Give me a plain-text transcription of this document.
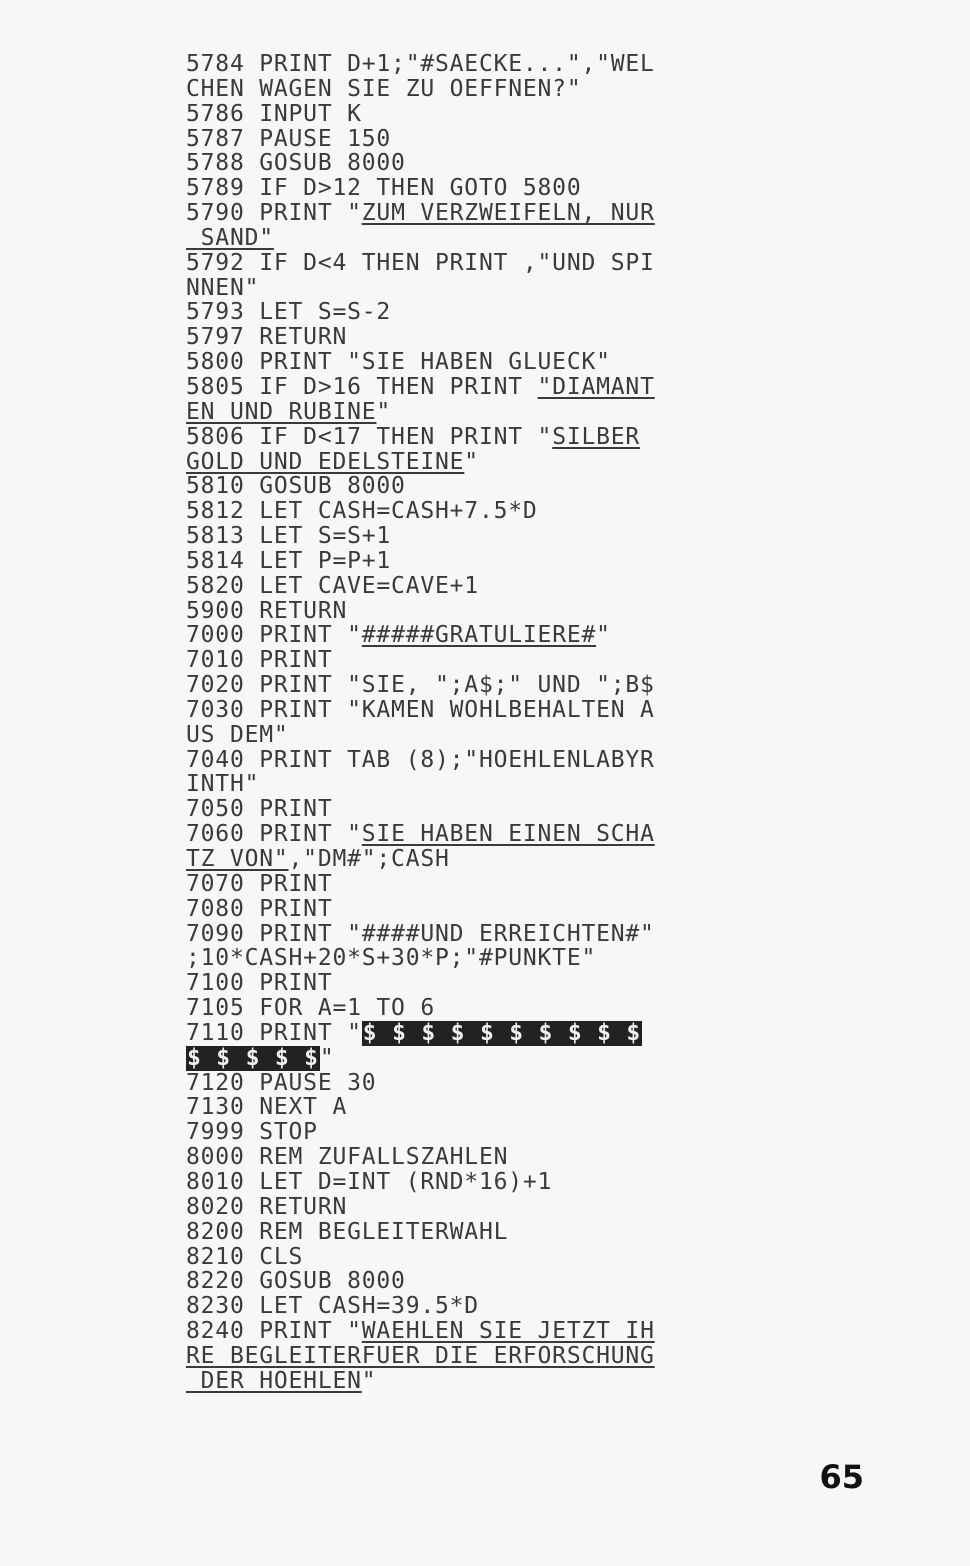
5784 PRINT D+1;"#SAECKE...","WEL
CHEN WAGEN SIE ZU OEFFNEN?"
5786 INPUT K
5787 PAUSE 150
5788 GOSUB 8000
5789 IF D>12 THEN GOTO 5800
5790 PRINT "ZUM VERZWEIFELN, NUR
SAND"
5792 IF D<4 THEN PRINT ,"UND SPI
NNEN"
5793 LET S=S-2
5797 RETURN
5800 PRINT "SIE HABEN GLUECK"
5805 IF D>16 THEN PRINT "DIAMANT
EN UND RUBINE"
5806 IF D<17 THEN PRINT "SILBER
GOLD UND EDELSTEINE"
5810 GOSUB 8000
5812 LET CASH=CASH+7.5*D
5813 LET S=S+1
5814 LET P=P+1
5820 LET CAVE=CAVE+1
5900 RETURN
7000 PRINT "#####GRATULIERE#"
7010 PRINT
7020 PRINT "SIE, ";A$;" UND ";B$
7030 PRINT "KAMEN WOHLBEHALTEN A
US DEM"
7040 PRINT TAB (8);"HOEHLENLABYR
INTH"
7050 PRINT
7060 PRINT "SIE HABEN EINEN SCHA
TZ VON","DM#";CASH
7070 PRINT
7080 PRINT
7090 PRINT "####UND ERREICHTEN#"
;10*CASH+20*S+30*P;"#PUNKTE"
7100 PRINT
7105 FOR A=1 TO 6
7110 PRINT "$ $ $ $ $ $ $ $ $ $
$ $ $ $ $"
7120 PAUSE 30
7130 NEXT A
7999 STOP
8000 REM ZUFALLSZAHLEN
8010 LET D=INT (RND*16)+1
8020 RETURN
8200 REM BEGLEITERWAHL
8210 CLS
8220 GOSUB 8000
8230 LET CASH=39.5*D
8240 PRINT "WAEHLEN SIE JETZT IH
RE BEGLEITERFUER DIE ERFORSCHUNG
DER HOEHLEN"
65
